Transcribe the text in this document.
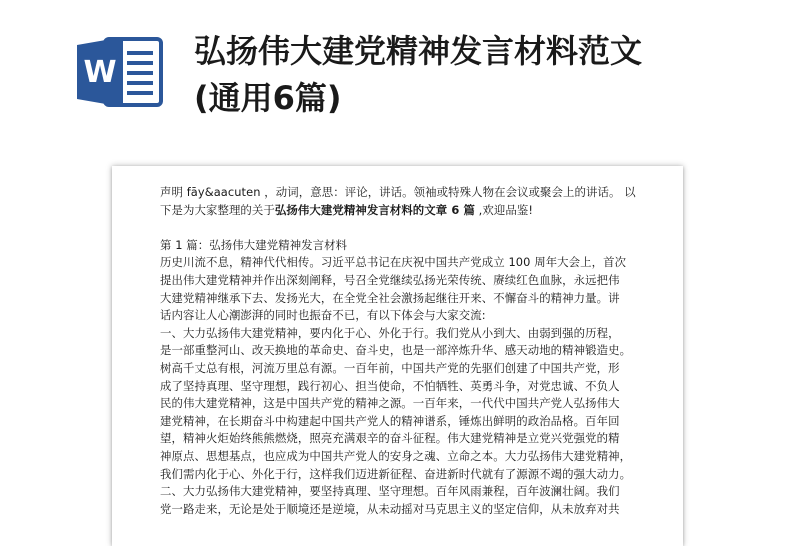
W
弘扬伟大建党精神发言材料范文
(通用6篇)
声明 fāy&aacuten ，动词，意思：评论，讲话。领袖或特殊人物在会议或聚会上的讲话。 以
下是为大家整理的关于弘扬伟大建党精神发言材料的文章 6 篇 ,欢迎品鉴!
第 1 篇：弘扬伟大建党精神发言材料
历史川流不息，精神代代相传。习近平总书记在庆祝中国共产党成立 100 周年大会上，首次
提出伟大建党精神并作出深刻阐释，号召全党继续弘扬光荣传统、赓续红色血脉，永远把伟
大建党精神继承下去、发扬光大，在全党全社会激扬起继往开来、不懈奋斗的精神力量。讲
话内容让人心潮澎湃的同时也振奋不已，有以下体会与大家交流:
一、大力弘扬伟大建党精神，要内化于心、外化于行。我们党从小到大、由弱到强的历程，
是一部重整河山、改天换地的革命史、奋斗史，也是一部淬炼升华、感天动地的精神锻造史。
树高千丈总有根，河流万里总有源。一百年前，中国共产党的先驱们创建了中国共产党，形
成了坚持真理、坚守理想，践行初心、担当使命，不怕牺牲、英勇斗争，对党忠诚、不负人
民的伟大建党精神，这是中国共产党的精神之源。一百年来，一代代中国共产党人弘扬伟大
建党精神，在长期奋斗中构建起中国共产党人的精神谱系，锤炼出鲜明的政治品格。百年回
望，精神火炬始终熊熊燃烧，照亮充满艰辛的奋斗征程。伟大建党精神是立党兴党强党的精
神原点、思想基点，也应成为中国共产党人的安身之魂、立命之本。大力弘扬伟大建党精神，
我们需内化于心、外化于行，这样我们迈进新征程、奋进新时代就有了源源不竭的强大动力。
二、大力弘扬伟大建党精神，要坚持真理、坚守理想。百年风雨兼程，百年波澜壮阔。我们
党一路走来，无论是处于顺境还是逆境，从未动摇对马克思主义的坚定信仰，从未放弃对共
